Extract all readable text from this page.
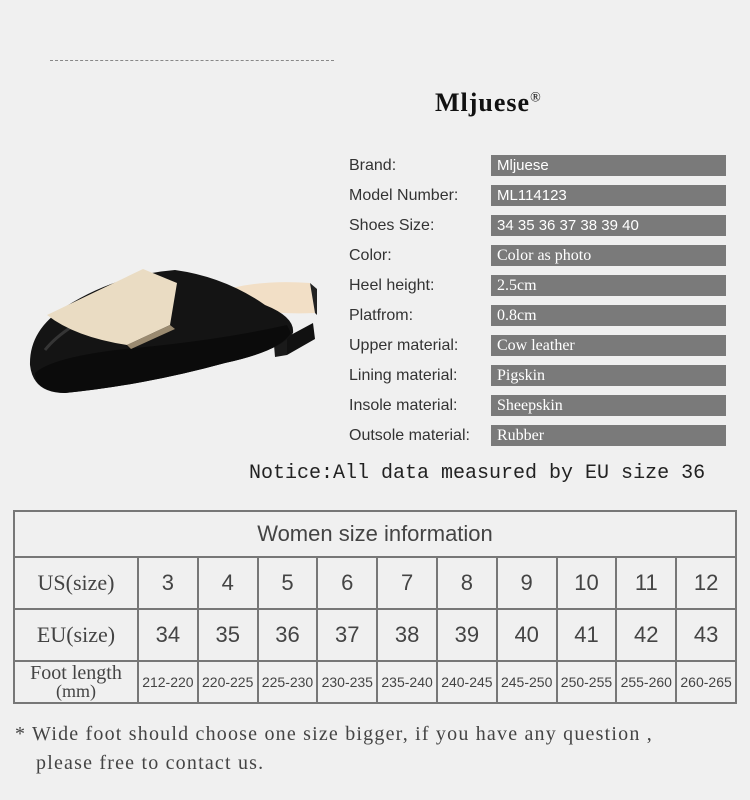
Mljuese®
Brand:	Mljuese
Model Number:	ML114123
Shoes Size:	34 35 36 37 38 39 40
Color:	Color as photo
Heel height:	2.5cm
Platfrom:	0.8cm
Upper material:	Cow leather
Lining material:	Pigskin
Insole material:	Sheepskin
Outsole material:	Rubber
Notice:All data measured by EU size 36
Women size information										
US(size)	3	4	5	6	7	8	9	10	11	12
EU(size)	34	35	36	37	38	39	40	41	42	43

Foot length
(mm)	212-220	220-225	225-230	230-235	235-240	240-245	245-250	250-255	255-260	260-265
* Wide foot should choose one size bigger, if you have any question ,
please free to contact us.
